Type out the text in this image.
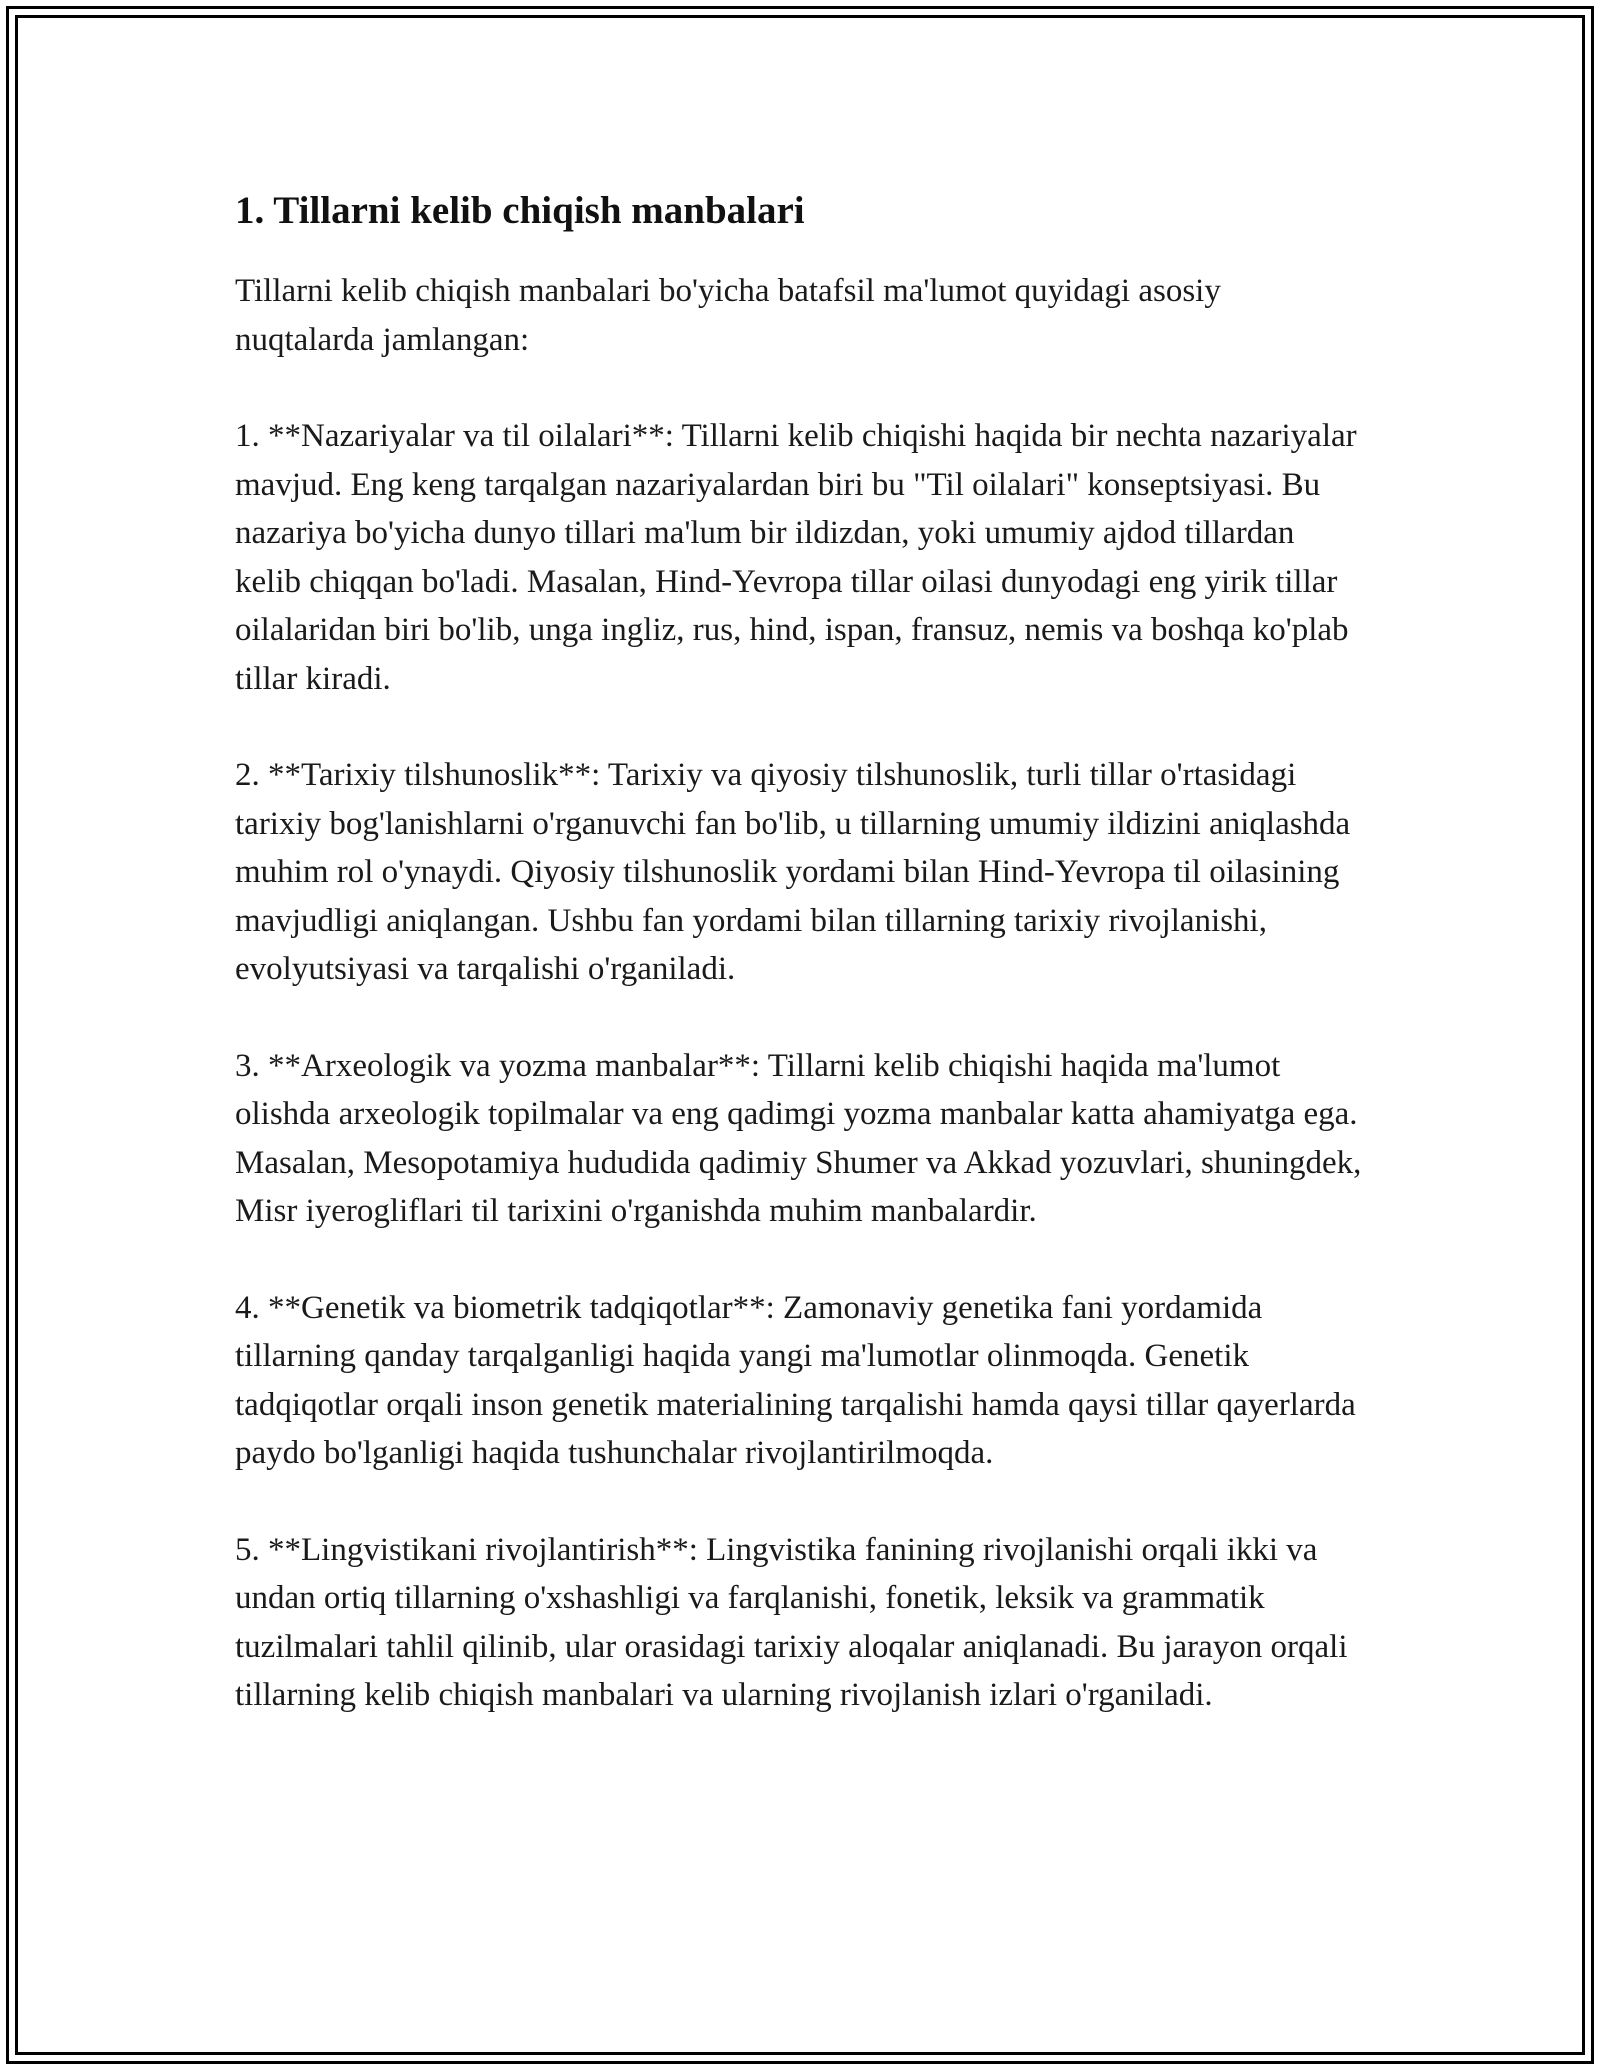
1. Tillarni kelib chiqish manbalari

Tillarni kelib chiqish manbalari bo'yicha batafsil ma'lumot quyidagi asosiy nuqtalarda jamlangan:

1. **Nazariyalar va til oilalari**: Tillarni kelib chiqishi haqida bir nechta nazariyalar mavjud. Eng keng tarqalgan nazariyalardan biri bu "Til oilalari" konseptsiyasi. Bu nazariya bo'yicha dunyo tillari ma'lum bir ildizdan, yoki umumiy ajdod tillardan kelib chiqqan bo'ladi. Masalan, Hind-Yevropa tillar oilasi dunyodagi eng yirik tillar oilalaridan biri bo'lib, unga ingliz, rus, hind, ispan, fransuz, nemis va boshqa ko'plab tillar kiradi.

2. **Tarixiy tilshunoslik**: Tarixiy va qiyosiy tilshunoslik, turli tillar o'rtasidagi tarixiy bog'lanishlarni o'rganuvchi fan bo'lib, u tillarning umumiy ildizini aniqlashda muhim rol o'ynaydi. Qiyosiy tilshunoslik yordami bilan Hind-Yevropa til oilasining mavjudligi aniqlangan. Ushbu fan yordami bilan tillarning tarixiy rivojlanishi, evolyutsiyasi va tarqalishi o'rganiladi.

3. **Arxeologik va yozma manbalar**: Tillarni kelib chiqishi haqida ma'lumot olishda arxeologik topilmalar va eng qadimgi yozma manbalar katta ahamiyatga ega. Masalan, Mesopotamiya hududida qadimiy Shumer va Akkad yozuvlari, shuningdek, Misr iyerogliflari til tarixini o'rganishda muhim manbalardir.

4. **Genetik va biometrik tadqiqotlar**: Zamonaviy genetika fani yordamida tillarning qanday tarqalganligi haqida yangi ma'lumotlar olinmoqda. Genetik tadqiqotlar orqali inson genetik materialining tarqalishi hamda qaysi tillar qayerlarda paydo bo'lganligi haqida tushunchalar rivojlantirilmoqda.

5. **Lingvistikani rivojlantirish**: Lingvistika fanining rivojlanishi orqali ikki va undan ortiq tillarning o'xshashligi va farqlanishi, fonetik, leksik va grammatik tuzilmalari tahlil qilinib, ular orasidagi tarixiy aloqalar aniqlanadi. Bu jarayon orqali tillarning kelib chiqish manbalari va ularning rivojlanish izlari o'rganiladi.
